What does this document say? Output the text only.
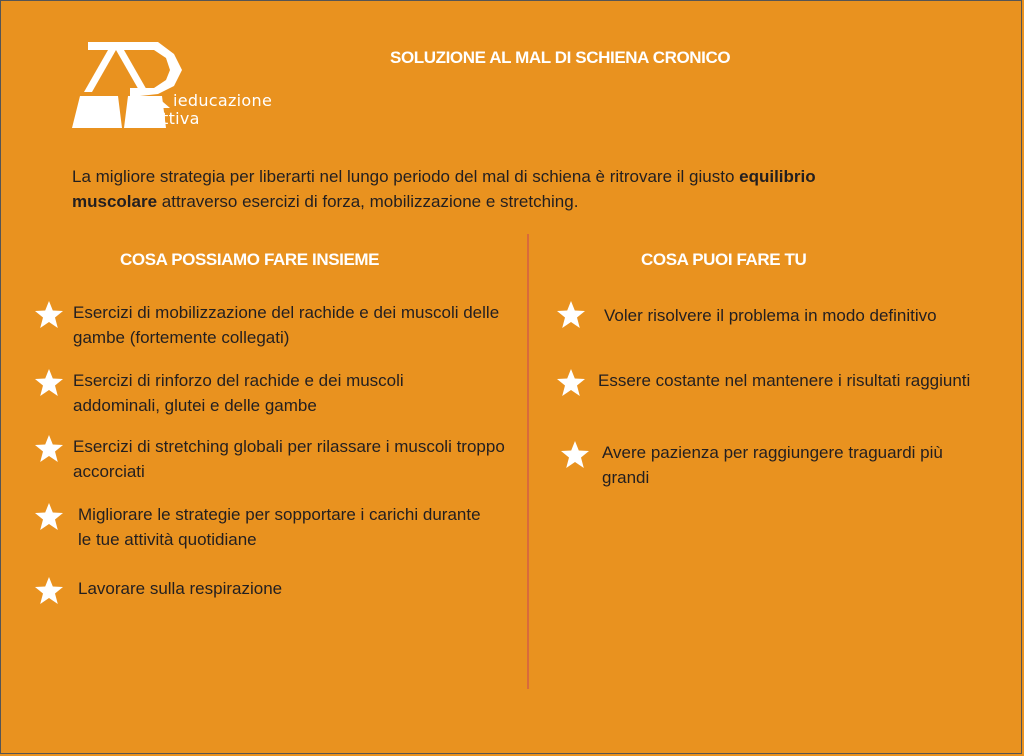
ieducazione
ttiva
SOLUZIONE AL MAL DI SCHIENA CRONICO
La migliore strategia per liberarti nel lungo periodo del mal di schiena è ritrovare il giusto equilibrio
muscolare attraverso esercizi di forza, mobilizzazione e stretching.
COSA POSSIAMO FARE INSIEME	COSA PUOI FARE TU
Esercizi di mobilizzazione del rachide e dei muscoli delle gambe (fortemente collegati)
Esercizi di rinforzo del rachide e dei muscoli addominali, glutei e delle gambe
Esercizi di stretching globali per rilassare i muscoli troppo accorciati
Migliorare le strategie per sopportare i carichi durante le tue attività quotidiane
Lavorare sulla respirazione
Voler risolvere il problema in modo definitivo
Essere costante nel mantenere i risultati raggiunti
Avere pazienza per raggiungere traguardi più grandi
